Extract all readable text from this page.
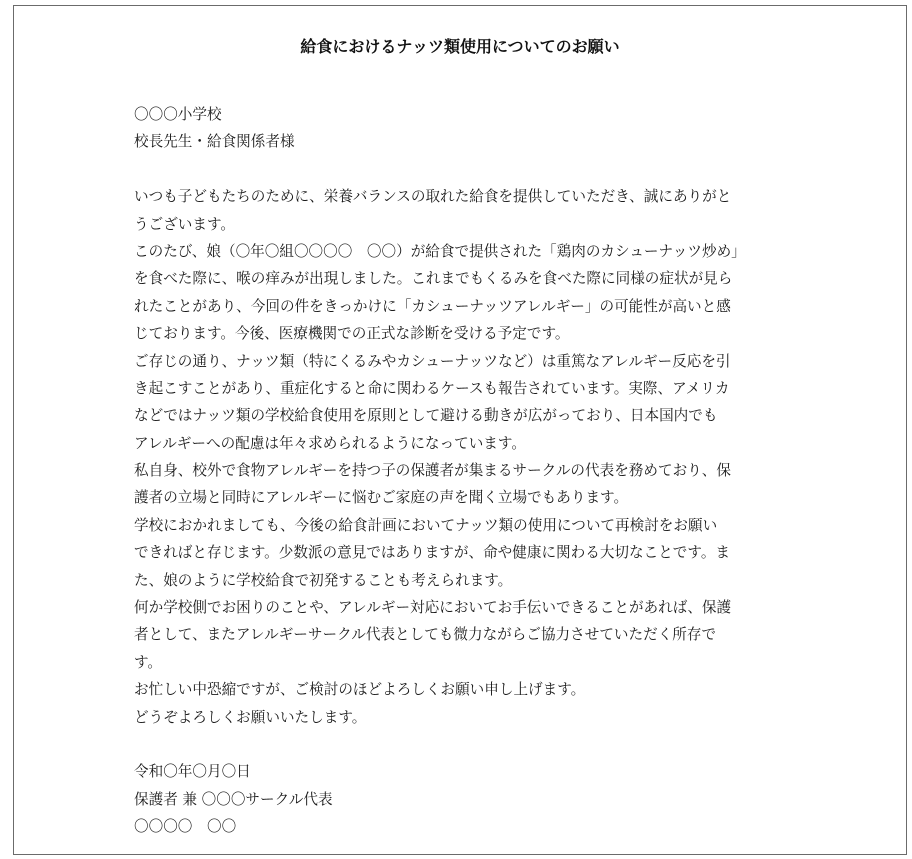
給食におけるナッツ類使用についてのお願い
〇〇〇小学校
校長先生・給食関係者様
いつも子どもたちのために、栄養バランスの取れた給食を提供していただき、誠にありがと
うございます。
このたび、娘（〇年〇組〇〇〇〇　〇〇）が給食で提供された「鶏肉のカシューナッツ炒め」
を食べた際に、喉の痒みが出現しました。これまでもくるみを食べた際に同様の症状が見ら
れたことがあり、今回の件をきっかけに「カシューナッツアレルギー」の可能性が高いと感
じております。今後、医療機関での正式な診断を受ける予定です。
ご存じの通り、ナッツ類（特にくるみやカシューナッツなど）は重篤なアレルギー反応を引
き起こすことがあり、重症化すると命に関わるケースも報告されています。実際、アメリカ
などではナッツ類の学校給食使用を原則として避ける動きが広がっており、日本国内でも
アレルギーへの配慮は年々求められるようになっています。
私自身、校外で食物アレルギーを持つ子の保護者が集まるサークルの代表を務めており、保
護者の立場と同時にアレルギーに悩むご家庭の声を聞く立場でもあります。
学校におかれましても、今後の給食計画においてナッツ類の使用について再検討をお願い
できればと存じます。少数派の意見ではありますが、命や健康に関わる大切なことです。ま
た、娘のように学校給食で初発することも考えられます。
何か学校側でお困りのことや、アレルギー対応においてお手伝いできることがあれば、保護
者として、またアレルギーサークル代表としても微力ながらご協力させていただく所存で
す。
お忙しい中恐縮ですが、ご検討のほどよろしくお願い申し上げます。
どうぞよろしくお願いいたします。
令和〇年〇月〇日
保護者 兼 〇〇〇サークル代表
〇〇〇〇　〇〇
